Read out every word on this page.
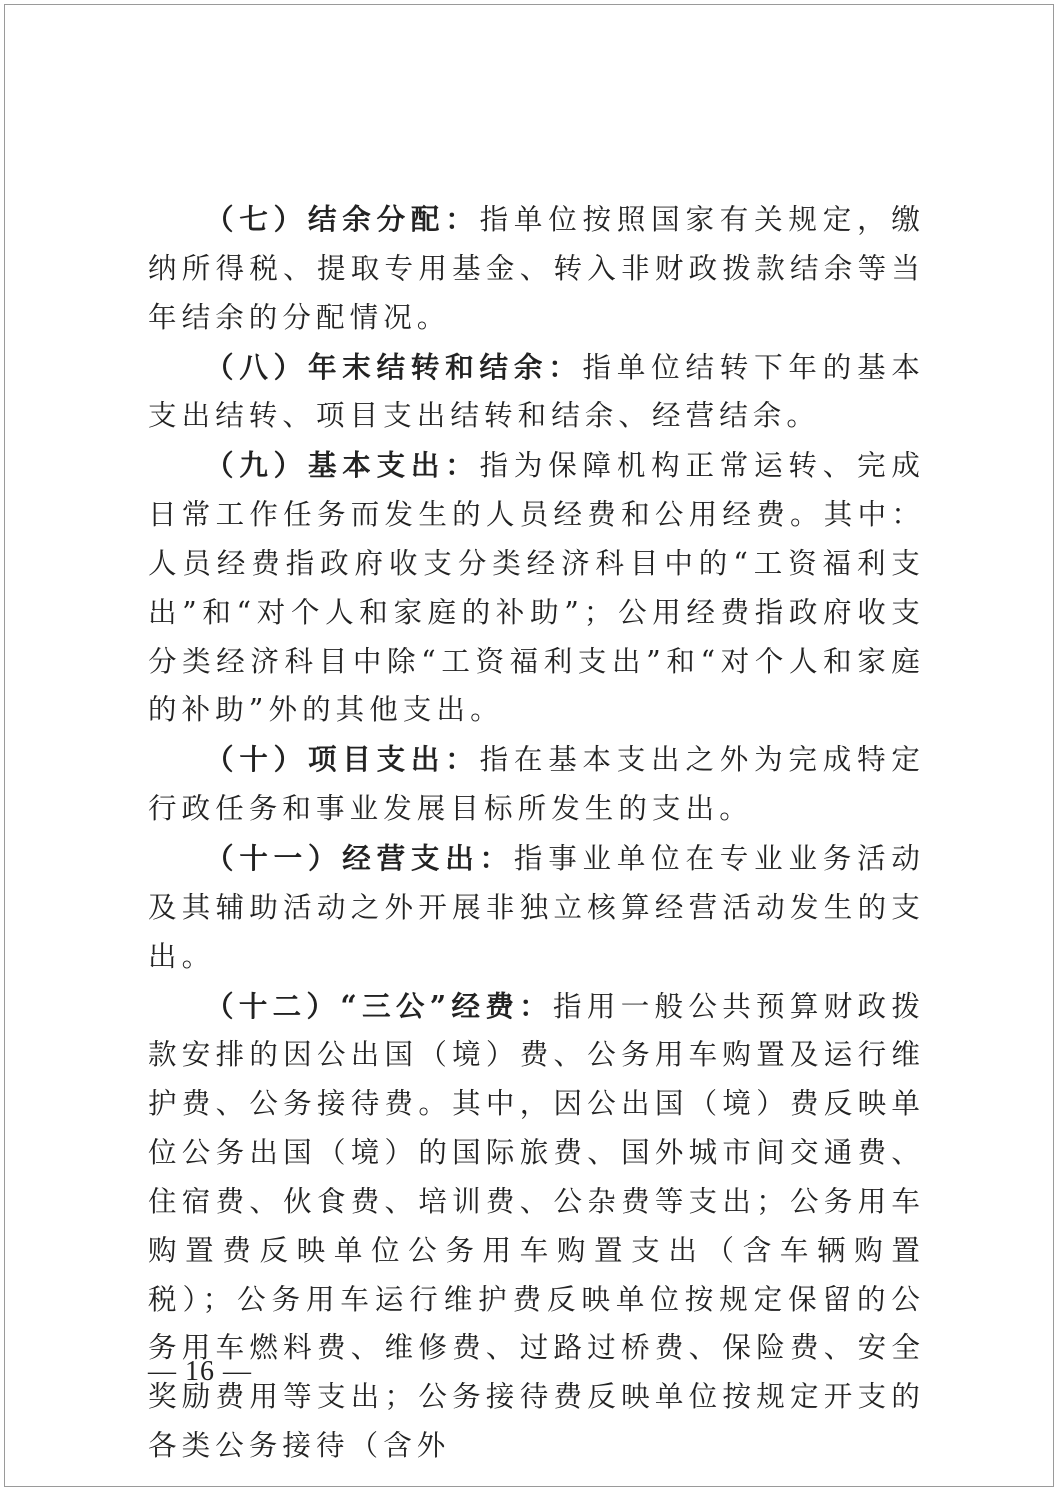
（七）结余分配：指单位按照国家有关规定，缴纳所得税、提取专用基金、转入非财政拨款结余等当年结余的分配情况。

（八）年末结转和结余：指单位结转下年的基本支出结转、项目支出结转和结余、经营结余。

（九）基本支出：指为保障机构正常运转、完成日常工作任务而发生的人员经费和公用经费。其中：人员经费指政府收支分类经济科目中的“工资福利支出”和“对个人和家庭的补助”；公用经费指政府收支分类经济科目中除“工资福利支出”和“对个人和家庭的补助”外的其他支出。

（十）项目支出：指在基本支出之外为完成特定行政任务和事业发展目标所发生的支出。

（十一）经营支出：指事业单位在专业业务活动及其辅助活动之外开展非独立核算经营活动发生的支出。

（十二）“三公”经费：指用一般公共预算财政拨款安排的因公出国（境）费、公务用车购置及运行维护费、公务接待费。其中，因公出国（境）费反映单位公务出国（境）的国际旅费、国外城市间交通费、住宿费、伙食费、培训费、公杂费等支出；公务用车购置费反映单位公务用车购置支出（含车辆购置税）；公务用车运行维护费反映单位按规定保留的公务用车燃料费、维修费、过路过桥费、保险费、安全奖励费用等支出；公务接待费反映单位按规定开支的各类公务接待（含外

— 16 —
